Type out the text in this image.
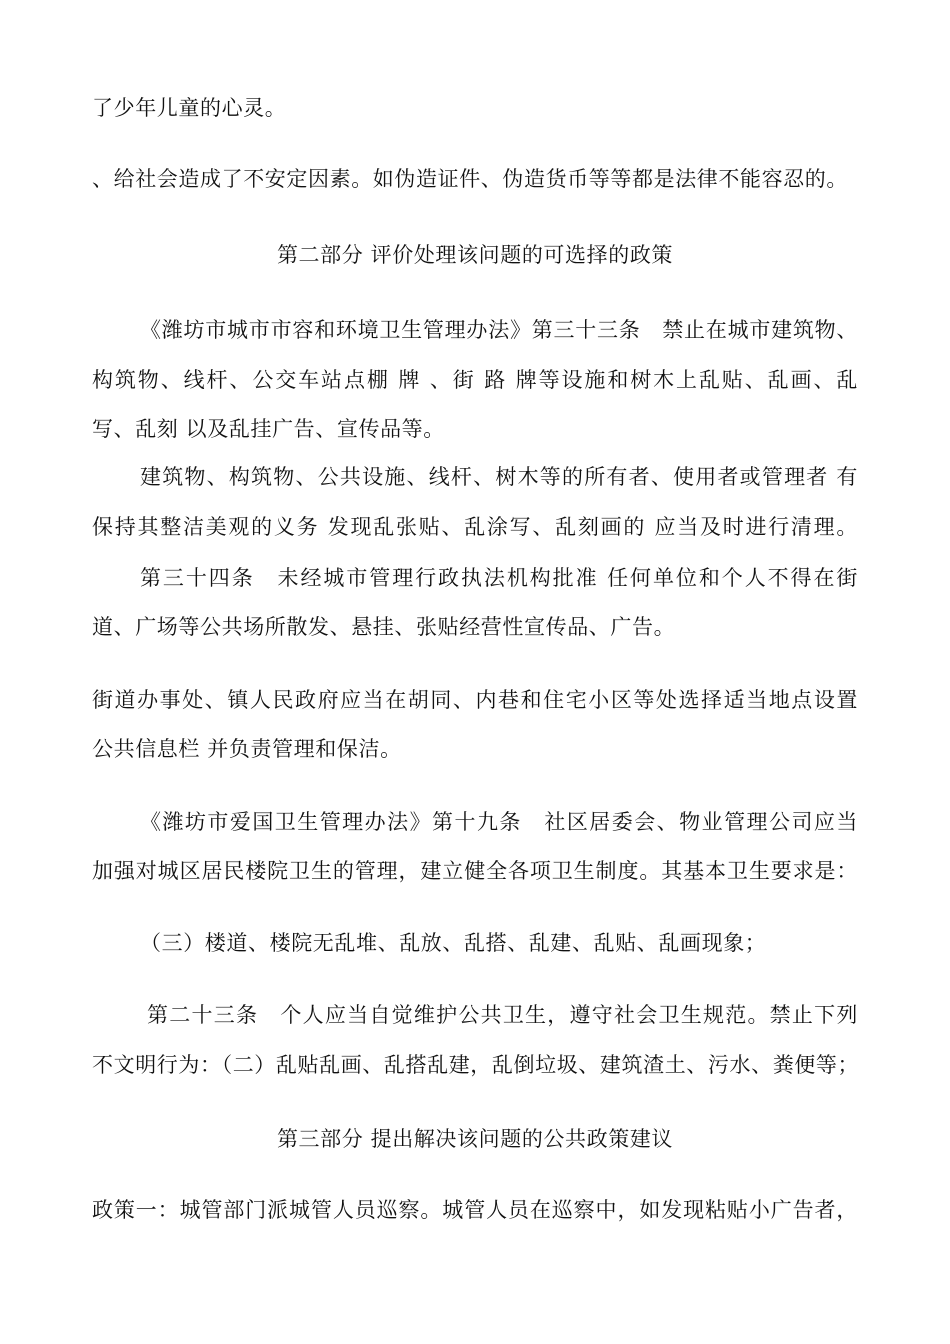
了少年儿童的心灵。

、给社会造成了不安定因素。如伪造证件、伪造货币等等都是法律不能容忍的。

第二部分 评价处理该问题的可选择的政策

《潍坊市城市市容和环境卫生管理办法》第三十三条　禁止在城市建筑物、

构筑物、线杆、公交车站点棚 牌 、街 路 牌等设施和树木上乱贴、乱画、乱

写、乱刻 以及乱挂广告、宣传品等。

建筑物、构筑物、公共设施、线杆、树木等的所有者、使用者或管理者 有

保持其整洁美观的义务 发现乱张贴、乱涂写、乱刻画的 应当及时进行清理。

第三十四条　未经城市管理行政执法机构批准 任何单位和个人不得在街

道、广场等公共场所散发、悬挂、张贴经营性宣传品、广告。

街道办事处、镇人民政府应当在胡同、内巷和住宅小区等处选择适当地点设置

公共信息栏 并负责管理和保洁。

《潍坊市爱国卫生管理办法》第十九条　社区居委会、物业管理公司应当

加强对城区居民楼院卫生的管理，建立健全各项卫生制度。其基本卫生要求是：

（三）楼道、楼院无乱堆、乱放、乱搭、乱建、乱贴、乱画现象；

第二十三条　个人应当自觉维护公共卫生，遵守社会卫生规范。禁止下列

不文明行为：（二）乱贴乱画、乱搭乱建，乱倒垃圾、建筑渣土、污水、粪便等；

第三部分 提出解决该问题的公共政策建议

政策一：城管部门派城管人员巡察。城管人员在巡察中，如发现粘贴小广告者，
